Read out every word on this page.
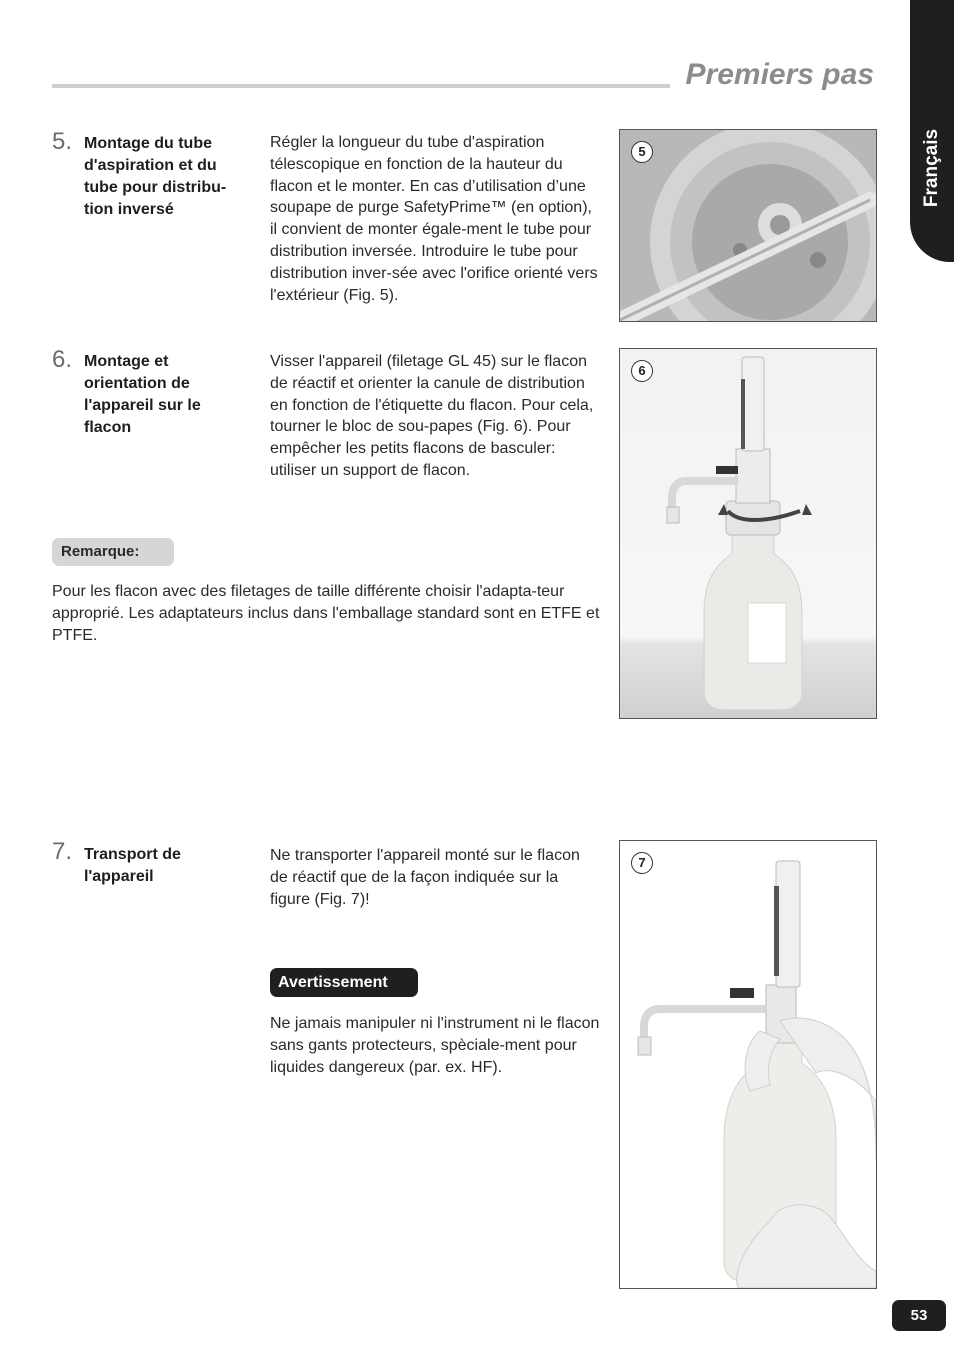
Premiers pas
Français
5. Montage du tube d'aspiration et du tube pour distribu-tion inversé
Régler la longueur du tube d'aspiration télescopique en fonction de la hauteur du flacon et le monter. En cas d’utilisation d’une soupape de purge SafetyPrime™ (en option), il convient de monter égale-ment le tube pour distribution inversée. Introduire le tube pour distribution inver-sée avec l'orifice orienté vers l'extérieur (Fig. 5).
6. Montage et orientation de l'appareil sur le flacon
Visser l'appareil (filetage GL 45) sur le flacon de réactif et orienter la canule de distribution en fonction de l'étiquette du flacon. Pour cela, tourner le bloc de sou-papes (Fig. 6). Pour empêcher les petits flacons de basculer: utiliser un support de flacon.
Remarque:
Pour les flacon avec des filetages de taille différente choisir l'adapta-teur approprié. Les adaptateurs inclus dans l'emballage standard sont en ETFE et PTFE.
7. Transport de l'appareil
Ne transporter l'appareil monté sur le flacon de réactif que de la façon indiquée sur la figure (Fig. 7)!
Avertissement
Ne jamais manipuler ni l'instrument ni le flacon sans gants protecteurs, spèciale-ment pour liquides dangereux (par. ex. HF).
5
6
7
53
